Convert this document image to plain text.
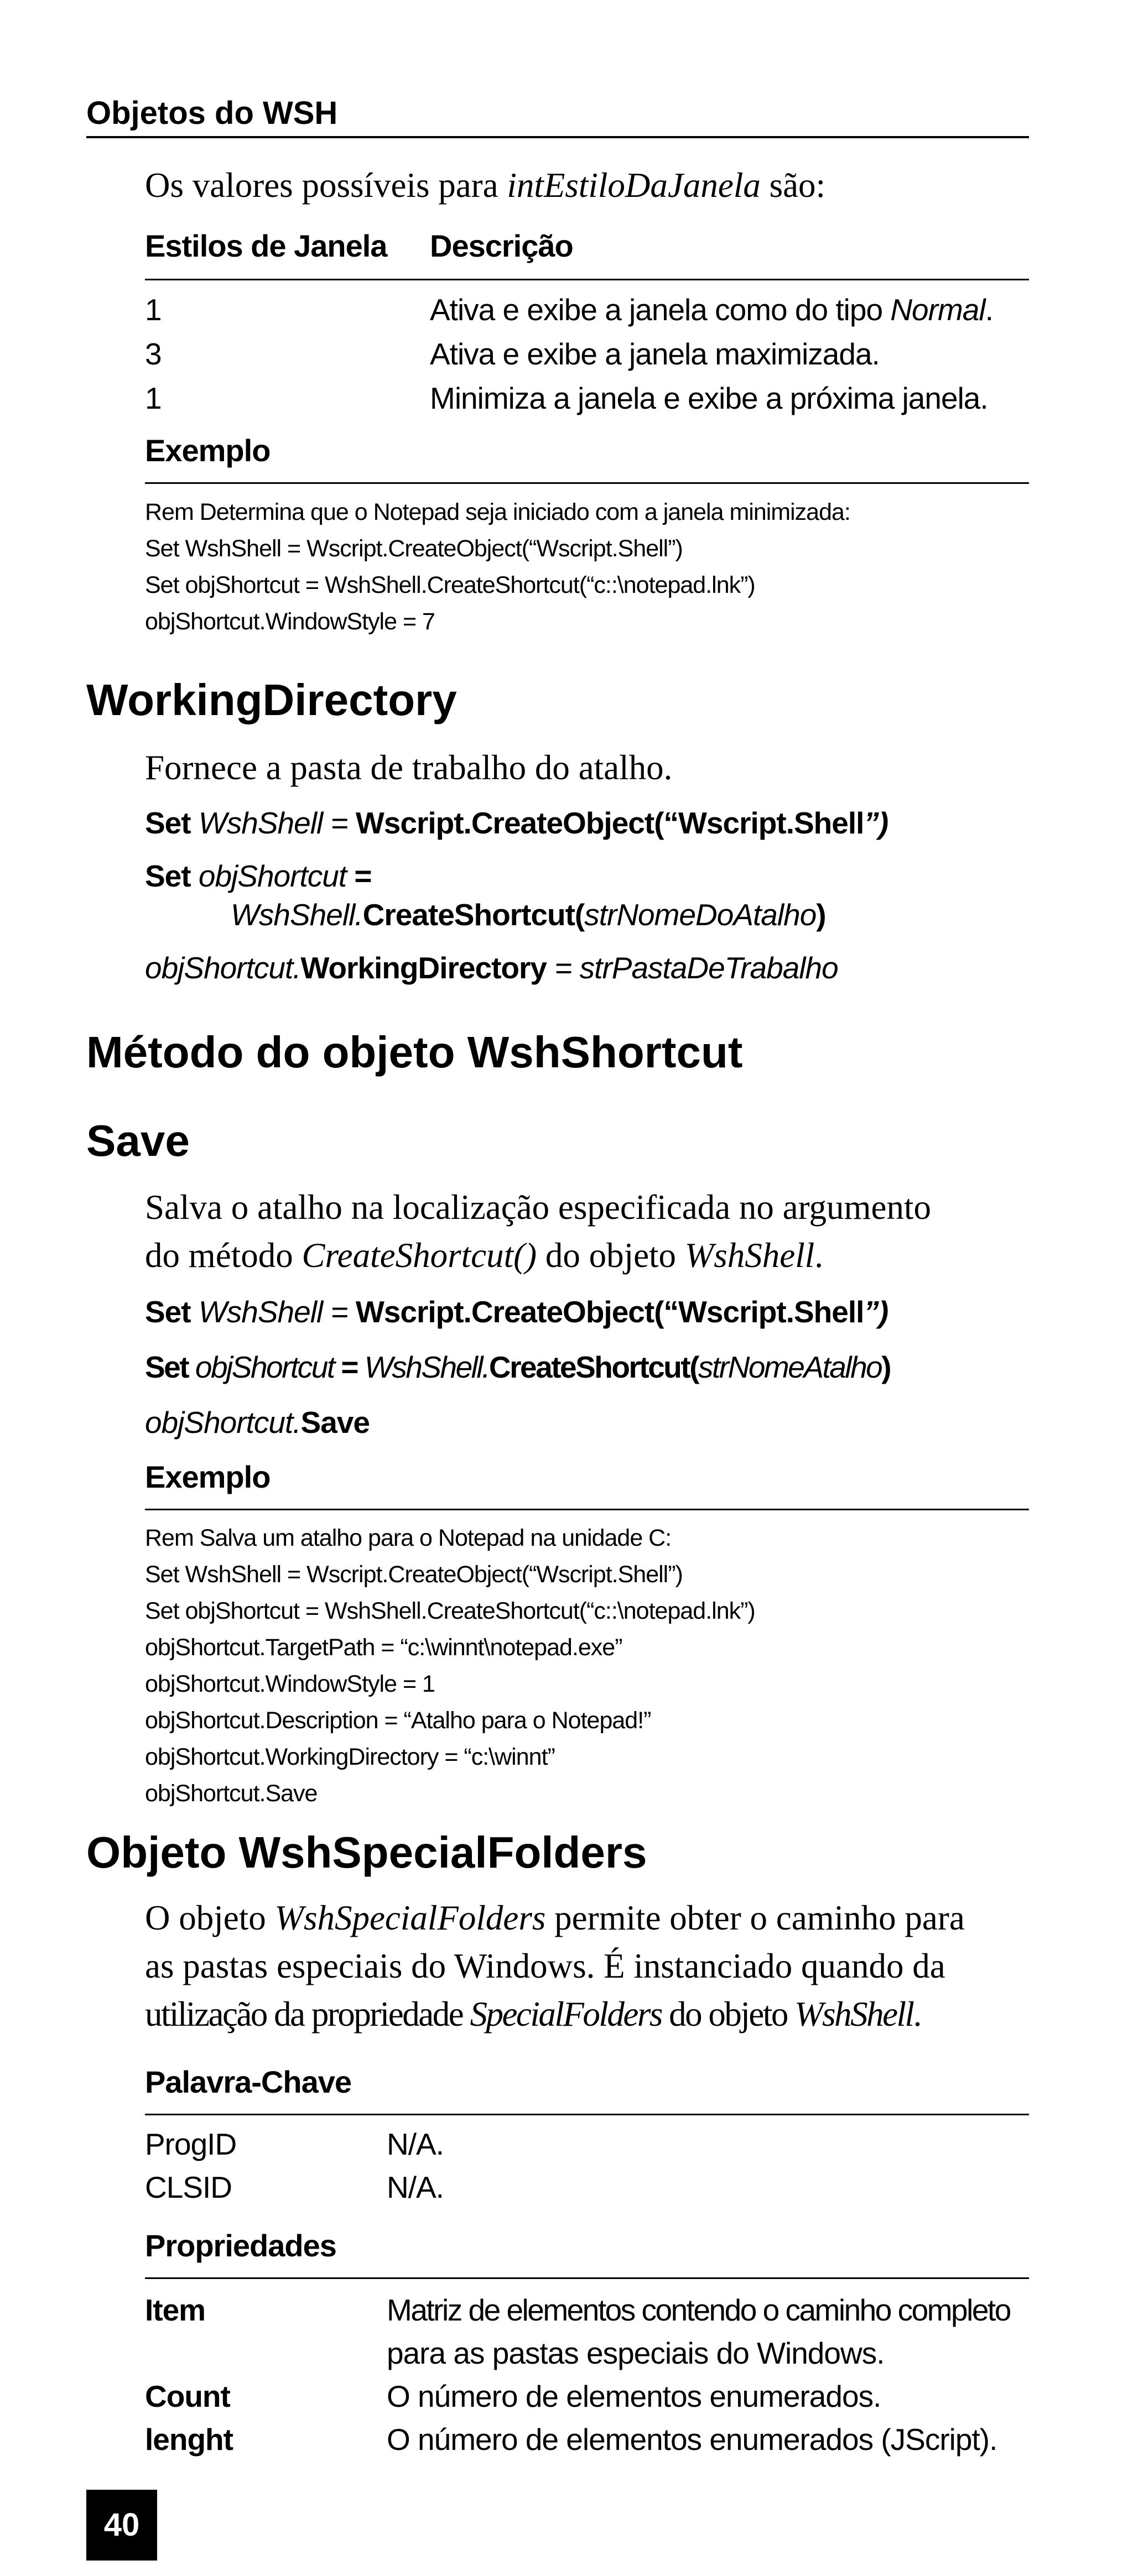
Objetos do WSH
Os valores possíveis para intEstiloDaJanela são:
Estilos de Janela	Descrição
1	Ativa e exibe a janela como do tipo Normal.
3	Ativa e exibe a janela maximizada.
1	Minimiza a janela e exibe a próxima janela.
Exemplo
Rem Determina que o Notepad seja iniciado com a janela minimizada:
Set WshShell = Wscript.CreateObject(“Wscript.Shell”)
Set objShortcut = WshShell.CreateShortcut(“c::\notepad.lnk”)
objShortcut.WindowStyle = 7
WorkingDirectory
Fornece a pasta de trabalho do atalho.
Set WshShell = Wscript.CreateObject(“Wscript.Shell”)
Set objShortcut =
WshShell.CreateShortcut(strNomeDoAtalho)
objShortcut.WorkingDirectory = strPastaDeTrabalho
Método do objeto WshShortcut
Save
Salva o atalho na localização especificada no argumento
do método CreateShortcut() do objeto WshShell.
Set WshShell = Wscript.CreateObject(“Wscript.Shell”)
Set objShortcut = WshShell.CreateShortcut(strNomeAtalho)
objShortcut.Save
Exemplo
Rem Salva um atalho para o Notepad na unidade C:
Set WshShell = Wscript.CreateObject(“Wscript.Shell”)
Set objShortcut = WshShell.CreateShortcut(“c::\notepad.lnk”)
objShortcut.TargetPath = “c:\winnt\notepad.exe”
objShortcut.WindowStyle = 1
objShortcut.Description = “Atalho para o Notepad!”
objShortcut.WorkingDirectory = “c:\winnt”
objShortcut.Save
Objeto WshSpecialFolders
O objeto WshSpecialFolders permite obter o caminho para
as pastas especiais do Windows. É instanciado quando da
utilização da propriedade SpecialFolders do objeto WshShell.
Palavra-Chave
ProgID	N/A.
CLSID	N/A.
Propriedades
Item	Matriz de elementos contendo o caminho completo
para as pastas especiais do Windows.
Count	O número de elementos enumerados.
lenght	O número de elementos enumerados (JScript).
40
